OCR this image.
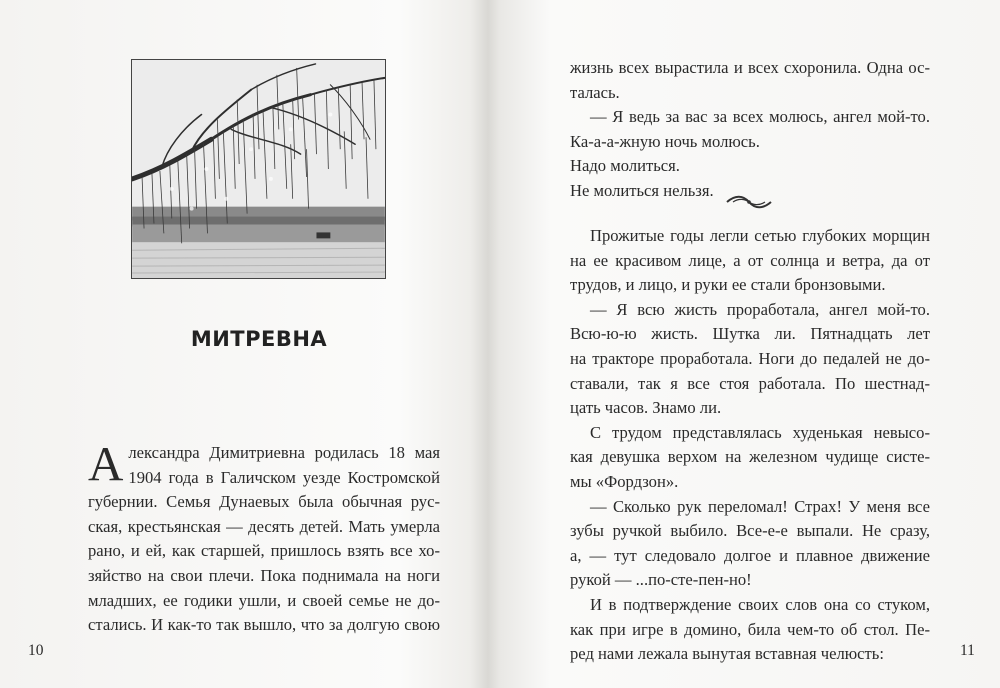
МИТРЕВНА
А лександра Димитриевна родилась 18 мая
1904 года в Галичском уезде Костромской
губернии. Семья Дунаевых была обычная рус-
ская, крестьянская — десять детей. Мать умерла
рано, и ей, как старшей, пришлось взять все хо-
зяйство на свои плечи. Пока поднимала на ноги
младших, ее годики ушли, и своей семье не до-
стались. И как-то так вышло, что за долгую свою
10
жизнь всех вырастила и всех схоронила. Одна ос-
талась.
— Я ведь за вас за всех молюсь, ангел мой-то.
Ка-а-а-жную ночь молюсь.
Надо молиться.
Не молиться нельзя.
Прожитые годы легли сетью глубоких морщин
на ее красивом лице, а от солнца и ветра, да от
трудов, и лицо, и руки ее стали бронзовыми.
— Я всю жисть проработала, ангел мой-то.
Всю-ю-ю жисть. Шутка ли. Пятнадцать лет
на тракторе проработала. Ноги до педалей не до-
ставали, так я все стоя работала. По шестнад-
цать часов. Знамо ли.
С трудом представлялась худенькая невысо-
кая девушка верхом на железном чудище систе-
мы «Фордзон».
— Сколько рук переломал! Страх! У меня все
зубы ручкой выбило. Все-е-е выпали. Не сразу,
а, — тут следовало долгое и плавное движение
рукой — ...по-сте-пен-но!
И в подтверждение своих слов она со стуком,
как при игре в домино, била чем-то об стол. Пе-
ред нами лежала вынутая вставная челюсть:	11
